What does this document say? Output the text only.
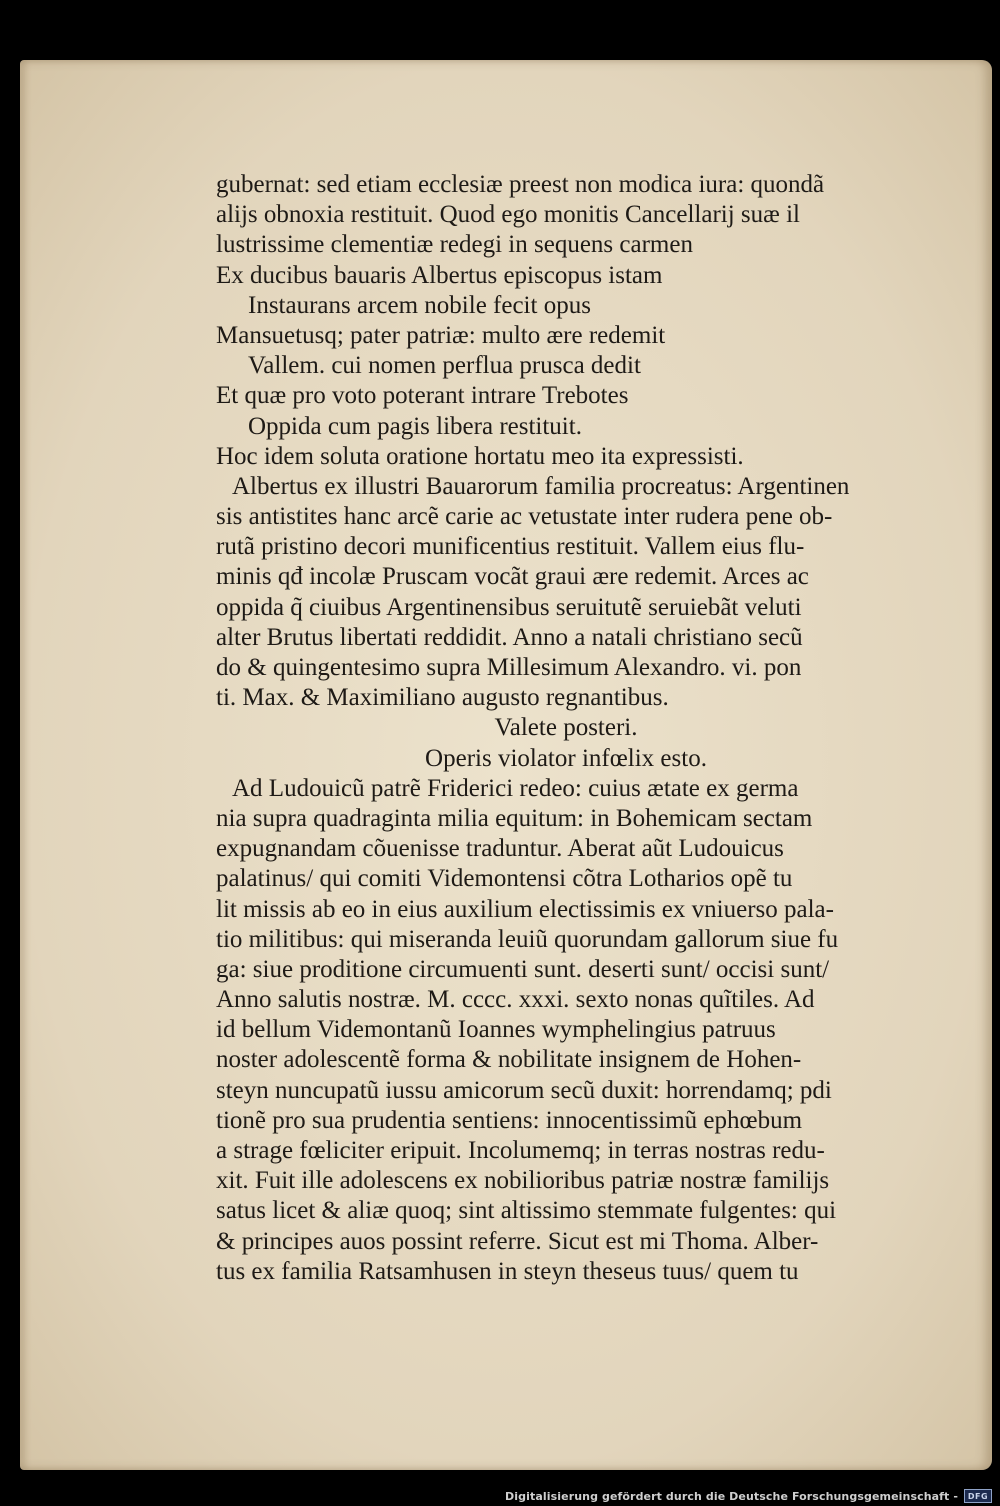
gubernat: sed etiam ecclesiæ preest non modica iura: quondã
alijs obnoxia restituit. Quod ego monitis Cancellarij suæ il
lustrissime clementiæ redegi in sequens carmen
Ex ducibus bauaris Albertus episcopus istam
Instaurans arcem nobile fecit opus
Mansuetusq; pater patriæ: multo ære redemit
Vallem. cui nomen perflua prusca dedit
Et quæ pro voto poterant intrare Trebotes
Oppida cum pagis libera restituit.
Hoc idem soluta oratione hortatu meo ita expressisti.
Albertus ex illustri Bauarorum familia procreatus: Argentinen
sis antistites hanc arcẽ carie ac vetustate inter rudera pene ob-
rutã pristino decori munificentius restituit. Vallem eius flu-
minis qđ incolæ Pruscam vocãt graui ære redemit. Arces ac
oppida q̃ ciuibus Argentinensibus seruitutẽ seruiebãt veluti
alter Brutus libertati reddidit. Anno a natali christiano secũ
do & quingentesimo supra Millesimum Alexandro. vi. pon
ti. Max. & Maximiliano augusto regnantibus.
Valete posteri.
Operis violator infœlix esto.
Ad Ludouicũ patrẽ Friderici redeo: cuius ætate ex germa
nia supra quadraginta milia equitum: in Bohemicam sectam
expugnandam cõuenisse traduntur. Aberat aũt Ludouicus
palatinus/ qui comiti Videmontensi cõtra Lotharios opẽ tu
lit missis ab eo in eius auxilium electissimis ex vniuerso pala-
tio militibus: qui miseranda leuiũ quorundam gallorum siue fu
ga: siue proditione circumuenti sunt. deserti sunt/ occisi sunt/
Anno salutis nostræ. M. cccc. xxxi. sexto nonas quĩtiles. Ad
id bellum Videmontanũ Ioannes wymphelingius patruus
noster adolescentẽ forma & nobilitate insignem de Hohen-
steyn nuncupatũ iussu amicorum secũ duxit: horrendamq; pdi
tionẽ pro sua prudentia sentiens: innocentissimũ ephœbum
a strage fœliciter eripuit. Incolumemq; in terras nostras redu-
xit. Fuit ille adolescens ex nobilioribus patriæ nostræ familijs
satus licet & aliæ quoq; sint altissimo stemmate fulgentes: qui
& principes auos possint referre. Sicut est mi Thoma. Alber-
tus ex familia Ratsamhusen in steyn theseus tuus/ quem tu
Digitalisierung gefördert durch die Deutsche Forschungsgemeinschaft -	DFG
